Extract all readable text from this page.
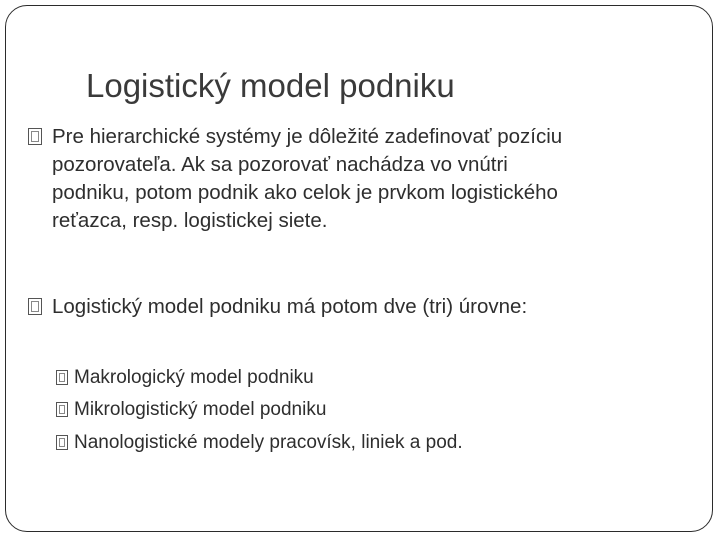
Logistický model podniku
Pre hierarchické systémy je dôležité zadefinovať pozíciu
pozorovateľa. Ak sa pozorovať nachádza vo vnútri
podniku, potom podnik ako celok je prvkom logistického
reťazca, resp. logistickej siete.
Logistický model podniku má potom dve (tri) úrovne:
Makrologický model podniku
Mikrologistický model podniku
Nanologistické modely pracovísk, liniek a pod.
